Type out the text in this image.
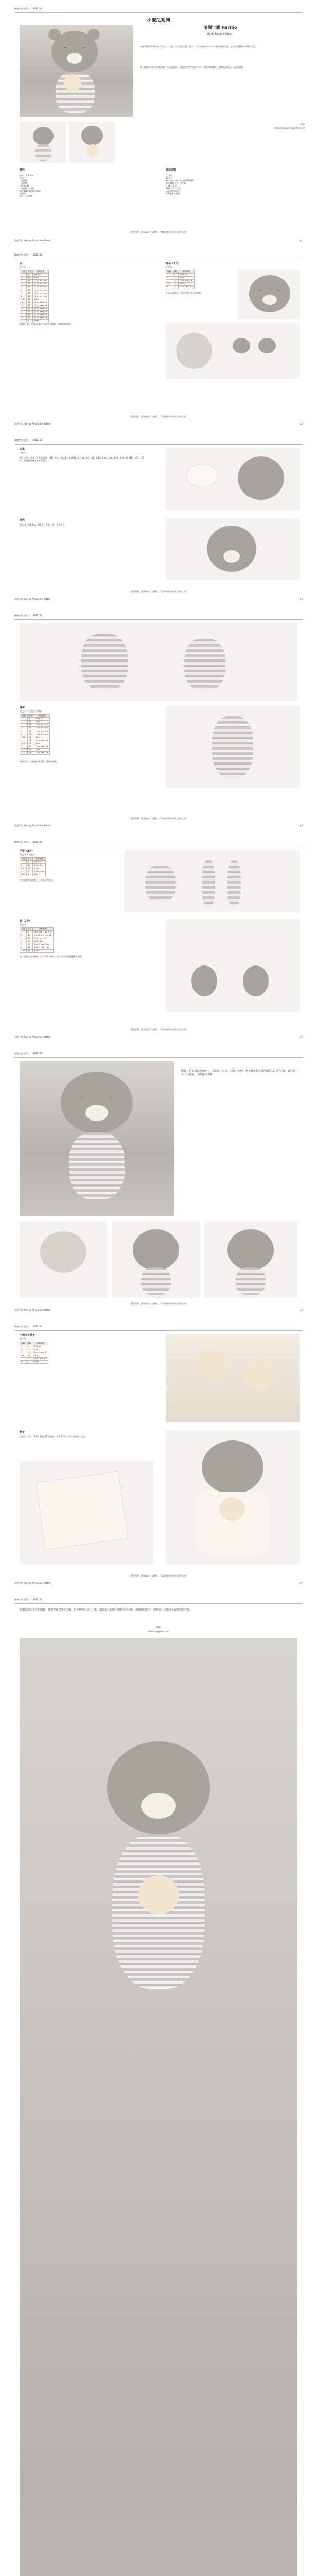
咖咖空间 仓库号：18432786
小麻瓜系列
哈瑞宝熊 Haribo
By Amigurumi Pattern
小麻瓜钩针系列的第一个设计。这是一只可爱的小熊，他有一个小小的伙伴——一只缩小版的小熊。您可以用剩余线材钩织它们。
和小伙伴们的约会在哪里呢？无论去哪里，小熊都会带着它的小伙伴。祝你钩织愉快，希望你喜欢这个可爱的图解。
Amy
https://amigurumipattern.net
材料
钩针：2.5mm
毛线：
- 灰色线
- 白色线
- 浅灰色线
- 米色线（小熊）
安全眼睛 6mm / 4mm
填充棉
缝针、记号扣
针法说明
ch 锁针
sc 短针
inc 加针（同一针内钩2针短针）
dec 减针（短针2并1）
sl st 引拔针
BLO 只钩后半针
FLO 只钩前半针
MR 魔术环起针
版权所有，图案仅限个人使用，严禁转载分享或用于商业目的
原创作者: Amy @ Amigurumi Pattern	p.1
咖咖空间 仓库号：18432786
头
灰色线
行数	针数	钩织说明
1	6	MR 6 sc
2	12	6 inc
3	18	(1 sc, inc) x 6
4	24	(2 sc, inc) x 6
5	30	(3 sc, inc) x 6
6	36	(4 sc, inc) x 6
7	42	(5 sc, inc) x 6
8	48	(6 sc, inc) x 6
9-17	48	48 sc
18	42	(6 sc, dec) x 6
19	36	(5 sc, dec) x 6
20	30	(4 sc, dec) x 6
21	24	(3 sc, dec) x 6
22	18	(2 sc, dec) x 6
23	12	(1 sc, dec) x 6
24	6	6 dec
第9行之后，在第12-13行之间安装眼睛，两眼间隔约8针。
耳朵（2个）
灰色线
行数	针数	钩织说明
1	6	MR 6 sc
2	12	6 inc
3	18	(1 sc, inc) x 6
4-5	18	18 sc
6	12	(1 sc, dec) x 6
耳朵无需填充，对折后缝合到头部两侧。
版权所有，图案仅限个人使用，严禁转载分享或用于商业目的
原创作者: Amy @ Amigurumi Pattern	p.2
咖咖空间 仓库号：18432786
口鼻
白色线
锁针 4 针，从第二针开始钩织：第1行 inc, 1 sc, 3 sc in last ch, 1 sc, inc (10)；第2行 2 inc, 1 sc, 3 inc, 1 sc, inc (16)；第3行 16 sc。用黑色线绣出鼻子和嘴巴。
尾巴
灰色线，MR 6 sc，第2-3行 6 sc，收针留线缝合。
版权所有，图案仅限个人使用，严禁转载分享或用于商业目的
原创作者: Amy @ Amigurumi Pattern	p.3
咖咖空间 仓库号：18432786
身体
灰色线 + 白色线（条纹）
行数	针数	钩织说明
1	6	MR 6 sc
2	12	6 inc
3	18	(1 sc, inc) x 6
4	24	(2 sc, inc) x 6
5	30	(3 sc, inc) x 6
6	36	(4 sc, inc) x 6
7-10	36	36 sc
11	30	(4 sc, dec) x 6
12-13	30	30 sc
14	24	(3 sc, dec) x 6
15-16	24	24 sc
17	18	(2 sc, dec) x 6
每两行换一次颜色形成条纹，边钩边填充。
版权所有，图案仅限个人使用，严禁转载分享或用于商业目的
原创作者: Amy @ Amigurumi Pattern	p.4
咖咖空间 仓库号：18432786
手臂（2个）
灰色线 + 白色线
行数	针数	钩织说明
1	6	MR 6 sc
2	10	4 inc, 2 sc
3-4	10	10 sc
5	8	2 dec, 6 sc
6-14	8	8 sc
手臂前端少量填充，上半部分不填充。
腿（2个）
灰色线
行数	针数	钩织说明
1	6	ch 4, inc, 1 sc, 3 sc
2	14	inc x2, 1 sc, inc x4
3	20	(1 sc, inc) x 7
4	20	BLO 20 sc
5	17	6 sc, 3 dec, 8 sc
6	14	4 sc, 3 dec, 7 sc
7-10	14	14 sc
第一条腿完成后断线，第二条腿不断线，直接连接两条腿继续钩身体。
版权所有，图案仅限个人使用，严禁转载分享或用于商业目的
原创作者: Amy @ Amigurumi Pattern	p.5
咖咖空间 仓库号：18432786
组装：把头部缝到身体上，然后缝上耳朵、口鼻与尾巴。把手臂缝在身体两侧第16行的位置。最后绣上鼻子与眉毛。小熊就完成啦！
版权所有，图案仅限个人使用，严禁转载分享或用于商业目的
原创作者: Amy @ Amigurumi Pattern	p.6
咖咖空间 仓库号：18432786
小熊宝宝伙子
米色线
行数	针数	钩织说明
1	6	MR 6 sc
2	12	6 inc
3	18	(1 sc, inc) x 6
4-6	18	18 sc
7	12	(1 sc, dec) x 6
8	6	6 dec
毯子
白色线，锁针 16 针，每行 15 针短针，共钩 14 行，边缘用逆短针收边。
版权所有，图案仅限个人使用，严禁转载分享或用于商业目的
原创作者: Amy @ Amigurumi Pattern	p.7
咖咖空间 仓库号：18432786
谢谢你购买了我的图解！希望你喜欢这份图解，也喜欢钩织这只小熊。如果你在钩织中遇到任何问题，请随时联系我。期待在社交媒体上看到你的作品。
Amy
hitomiru@gmail.com
